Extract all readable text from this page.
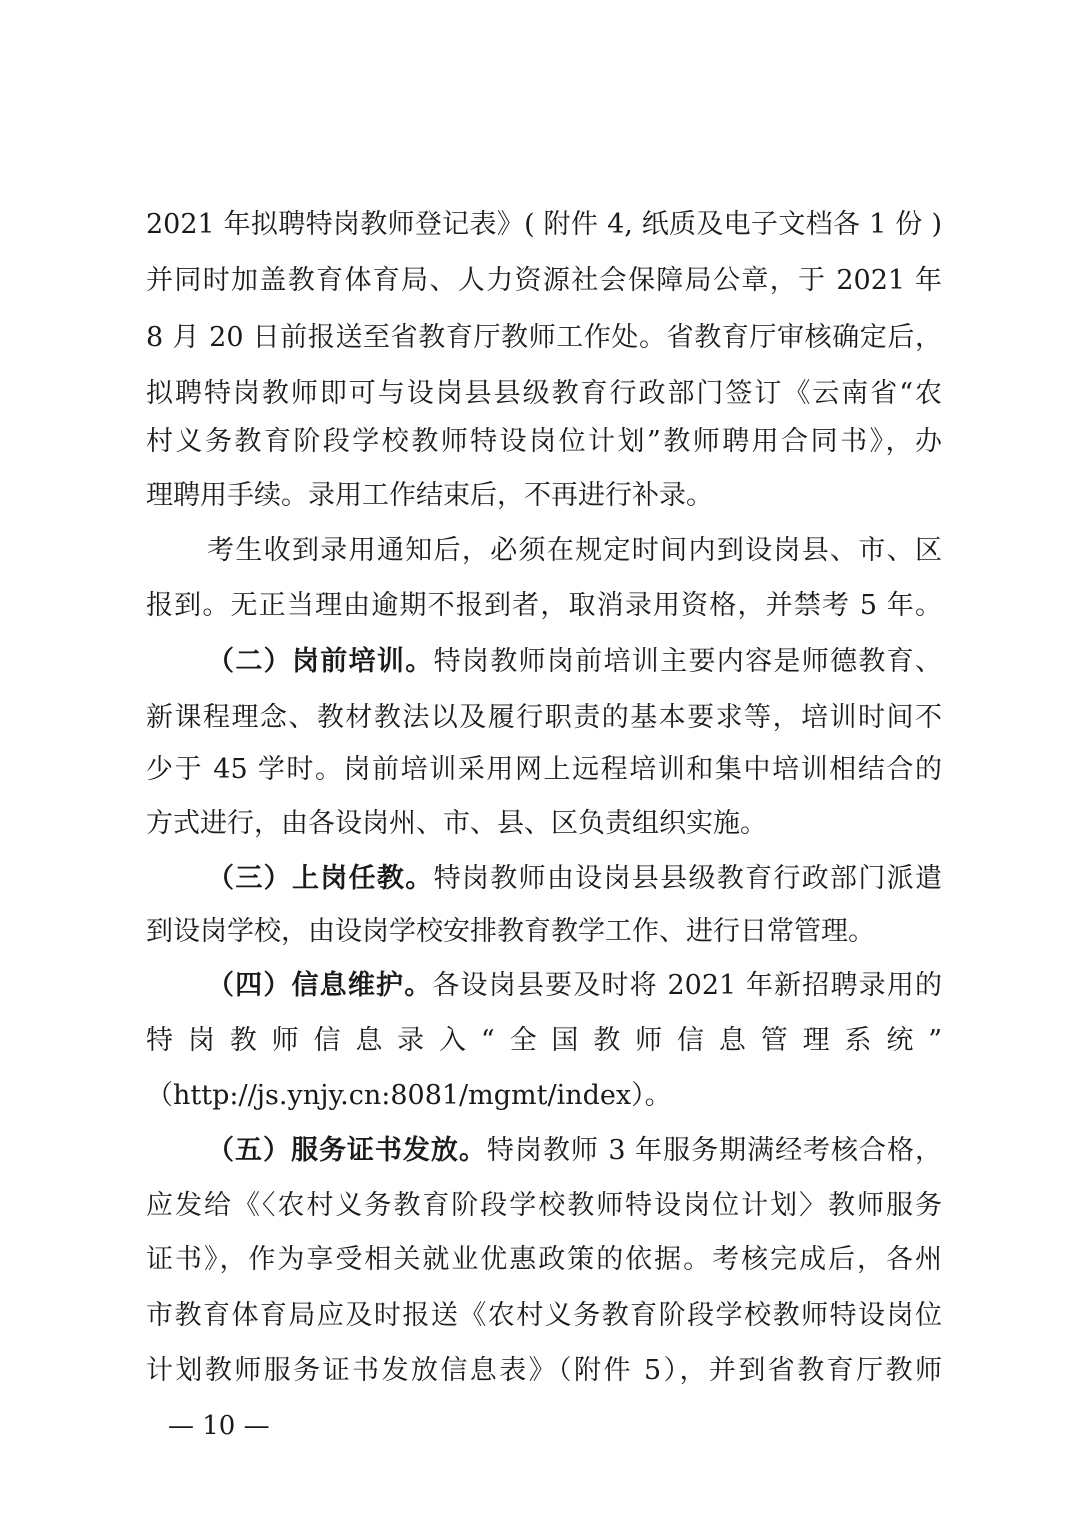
2021 年拟聘特岗教师登记表》( 附件 4, 纸质及电子文档各 1 份 )
并同时加盖教育体育局、人力资源社会保障局公章，于 2021 年
8 月 20 日前报送至省教育厅教师工作处。省教育厅审核确定后，
拟聘特岗教师即可与设岗县县级教育行政部门签订《云南省“农
村义务教育阶段学校教师特设岗位计划”教师聘用合同书》，办
理聘用手续。录用工作结束后，不再进行补录。
考生收到录用通知后，必须在规定时间内到设岗县、市、区
报到。无正当理由逾期不报到者，取消录用资格，并禁考 5 年。
（二）岗前培训。特岗教师岗前培训主要内容是师德教育、
新课程理念、教材教法以及履行职责的基本要求等，培训时间不
少于 45 学时。岗前培训采用网上远程培训和集中培训相结合的
方式进行，由各设岗州、市、县、区负责组织实施。
（三）上岗任教。特岗教师由设岗县县级教育行政部门派遣
到设岗学校，由设岗学校安排教育教学工作、进行日常管理。
（四）信息维护。各设岗县要及时将 2021 年新招聘录用的
特岗教师信息录入“全国教师信息管理系统”
（http://js.ynjy.cn:8081/mgmt/index）。
（五）服务证书发放。特岗教师 3 年服务期满经考核合格，
应发给《〈农村义务教育阶段学校教师特设岗位计划〉教师服务
证书》，作为享受相关就业优惠政策的依据。考核完成后，各州
市教育体育局应及时报送《农村义务教育阶段学校教师特设岗位
计划教师服务证书发放信息表》（附件 5），并到省教育厅教师
— 10 —
